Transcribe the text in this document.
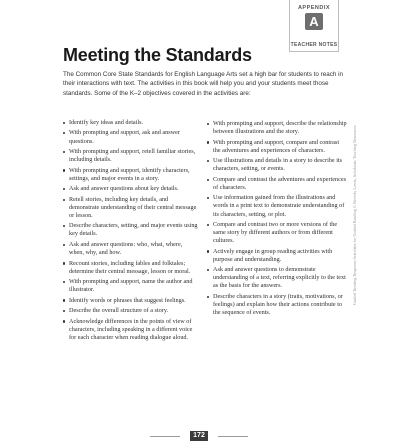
APPENDIX
A
TEACHER NOTES
Meeting the Standards

The Common Core State Standards for English Language Arts set a high bar for students to reach in their interactions with text. The activities in this book will help you and your students meet those standards. Some of the K–2 objectives covered in the activities are:

Identify key ideas and details.
With prompting and support, ask and answer questions.
With prompting and support, retell familiar stories, including details.
With prompting and support, identify characters, settings, and major events in a story.
Ask and answer questions about key details.
Retell stories, including key details, and demonstrate understanding of their central message or lesson.
Describe characters, setting, and major events using key details.
Ask and answer questions: who, what, where, when, why, and how.
Recount stories, including fables and folktales; determine their central message, lesson or moral.
With prompting and support, name the author and illustrator.
Identify words or phrases that suggest feelings.
Describe the overall structure of a story.
Acknowledge differences in the points of view of characters, including speaking in a different voice for each character when reading dialogue aloud.
With prompting and support, describe the relationship between illustrations and the story.
With prompting and support, compare and contrast the adventures and experiences of characters.
Use illustrations and details in a story to describe its characters, setting, or events.
Compare and contrast the adventures and experiences of characters.
Use information gained from the illustrations and words in a print text to demonstrate understanding of its characters, setting, or plot.
Compare and contrast two or more versions of the same story by different authors or from different cultures.
Actively engage in group reading activities with purpose and understanding.
Ask and answer questions to demonstrate understanding of a text, referring explicitly to the text as the basis for the answers.
Describe characters in a story (traits, motivations, or feelings) and explain how their actions contribute to the sequence of events.
Guided Reading Response Activities for Guided Reading © Beverly Lewis, Scholastic Teaching Resources
172
